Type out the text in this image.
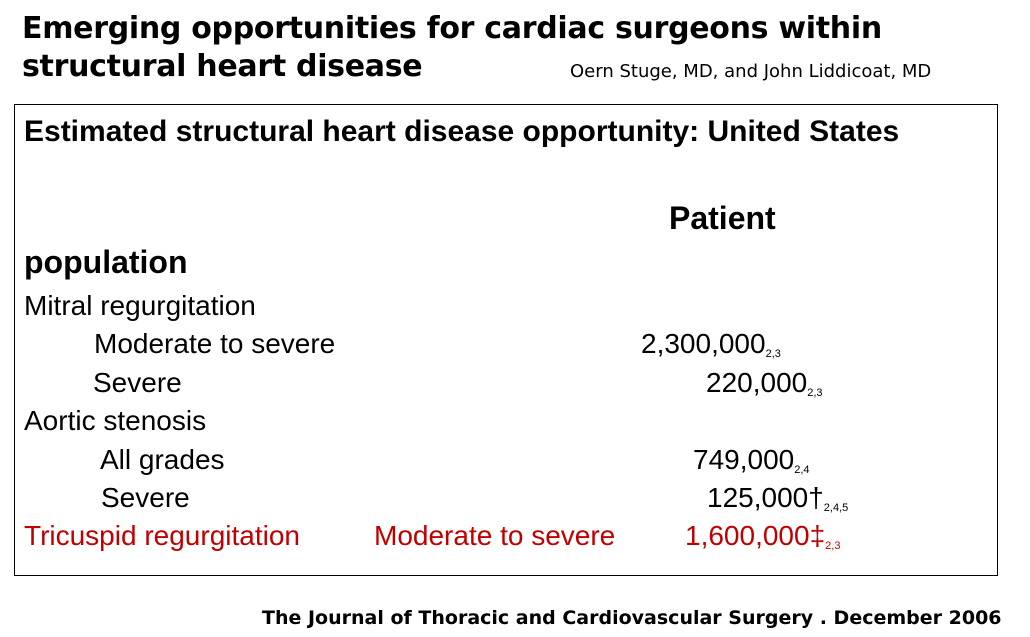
Emerging opportunities for cardiac surgeons within
structural heart disease	Oern Stuge, MD, and John Liddicoat, MD
Estimated structural heart disease opportunity: United States
Patient
population
Mitral regurgitation
Moderate to severe	2,300,0002,3
Severe	220,0002,3
Aortic stenosis
All grades	749,0002,4
Severe	125,000†2,4,5
Tricuspid regurgitation	Moderate to severe 1,600,000‡2,3
The Journal of Thoracic and Cardiovascular Surgery . December 2006
